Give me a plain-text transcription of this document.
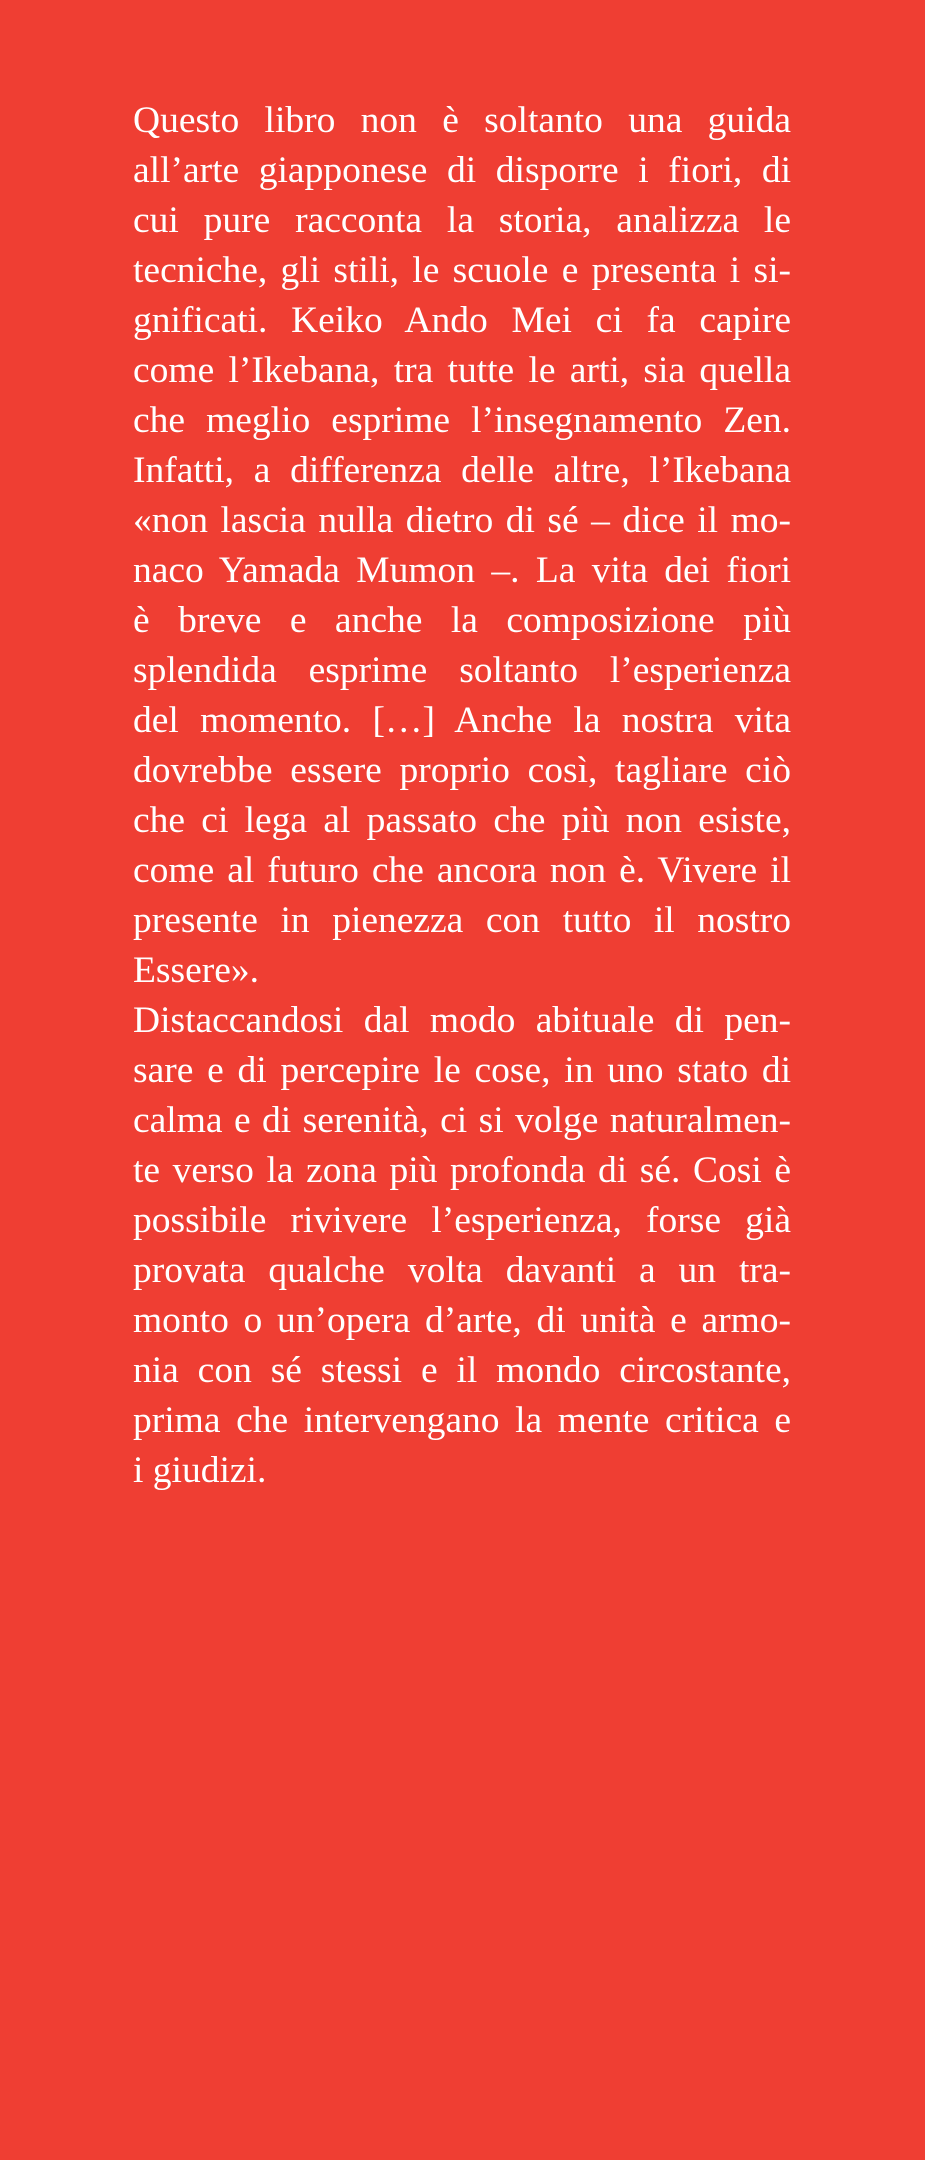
Questo libro non è soltanto una guida
all’arte giapponese di disporre i fiori, di
cui pure racconta la storia, analizza le
tecniche, gli stili, le scuole e presenta i si-
gnificati. Keiko Ando Mei ci fa capire
come l’Ikebana, tra tutte le arti, sia quella
che meglio esprime l’insegnamento Zen.
Infatti, a differenza delle altre, l’Ikebana
«non lascia nulla dietro di sé – dice il mo-
naco Yamada Mumon –. La vita dei fiori
è breve e anche la composizione più
splendida esprime soltanto l’esperienza
del momento. […] Anche la nostra vita
dovrebbe essere proprio così, tagliare ciò
che ci lega al passato che più non esiste,
come al futuro che ancora non è. Vivere il
presente in pienezza con tutto il nostro
Essere».
Distaccandosi dal modo abituale di pen-
sare e di percepire le cose, in uno stato di
calma e di serenità, ci si volge naturalmen-
te verso la zona più profonda di sé. Cosi è
possibile rivivere l’esperienza, forse già
provata qualche volta davanti a un tra-
monto o un’opera d’arte, di unità e armo-
nia con sé stessi e il mondo circostante,
prima che intervengano la mente critica e
i giudizi.
